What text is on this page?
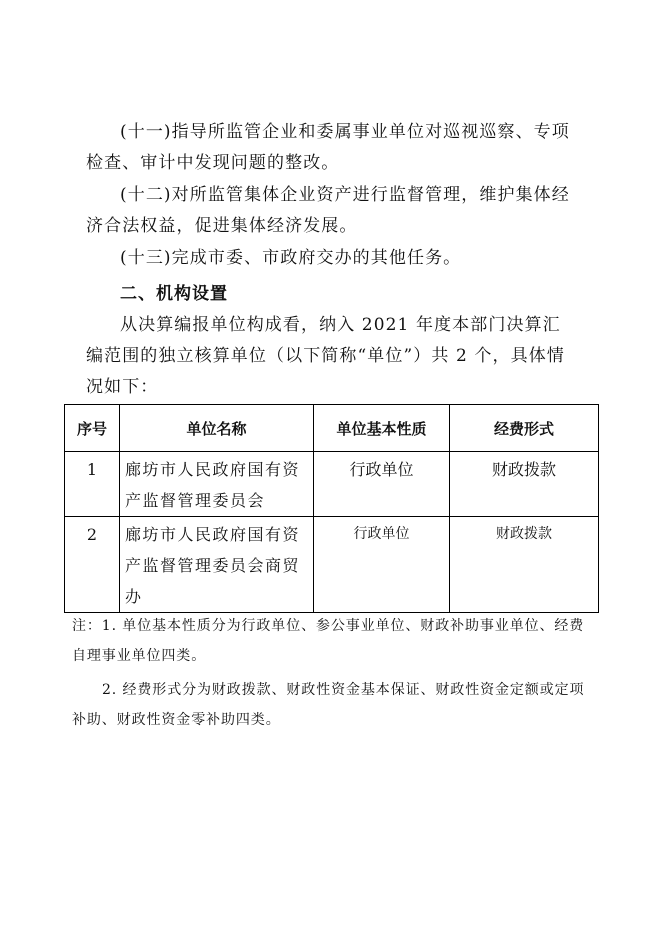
(十一)指导所监管企业和委属事业单位对巡视巡察、专项检查、审计中发现问题的整改。

(十二)对所监管集体企业资产进行监督管理，维护集体经济合法权益，促进集体经济发展。

(十三)完成市委、市政府交办的其他任务。

二、机构设置

从决算编报单位构成看，纳入 2021 年度本部门决算汇编范围的独立核算单位（以下简称“单位”）共 2 个，具体情况如下：

序号	单位名称	单位基本性质	经费形式
1	廊坊市人民政府国有资产监督管理委员会	行政单位	财政拨款
2	廊坊市人民政府国有资产监督管理委员会商贸办	行政单位	财政拨款

注：1. 单位基本性质分为行政单位、参公事业单位、财政补助事业单位、经费自理事业单位四类。

2. 经费形式分为财政拨款、财政性资金基本保证、财政性资金定额或定项补助、财政性资金零补助四类。
